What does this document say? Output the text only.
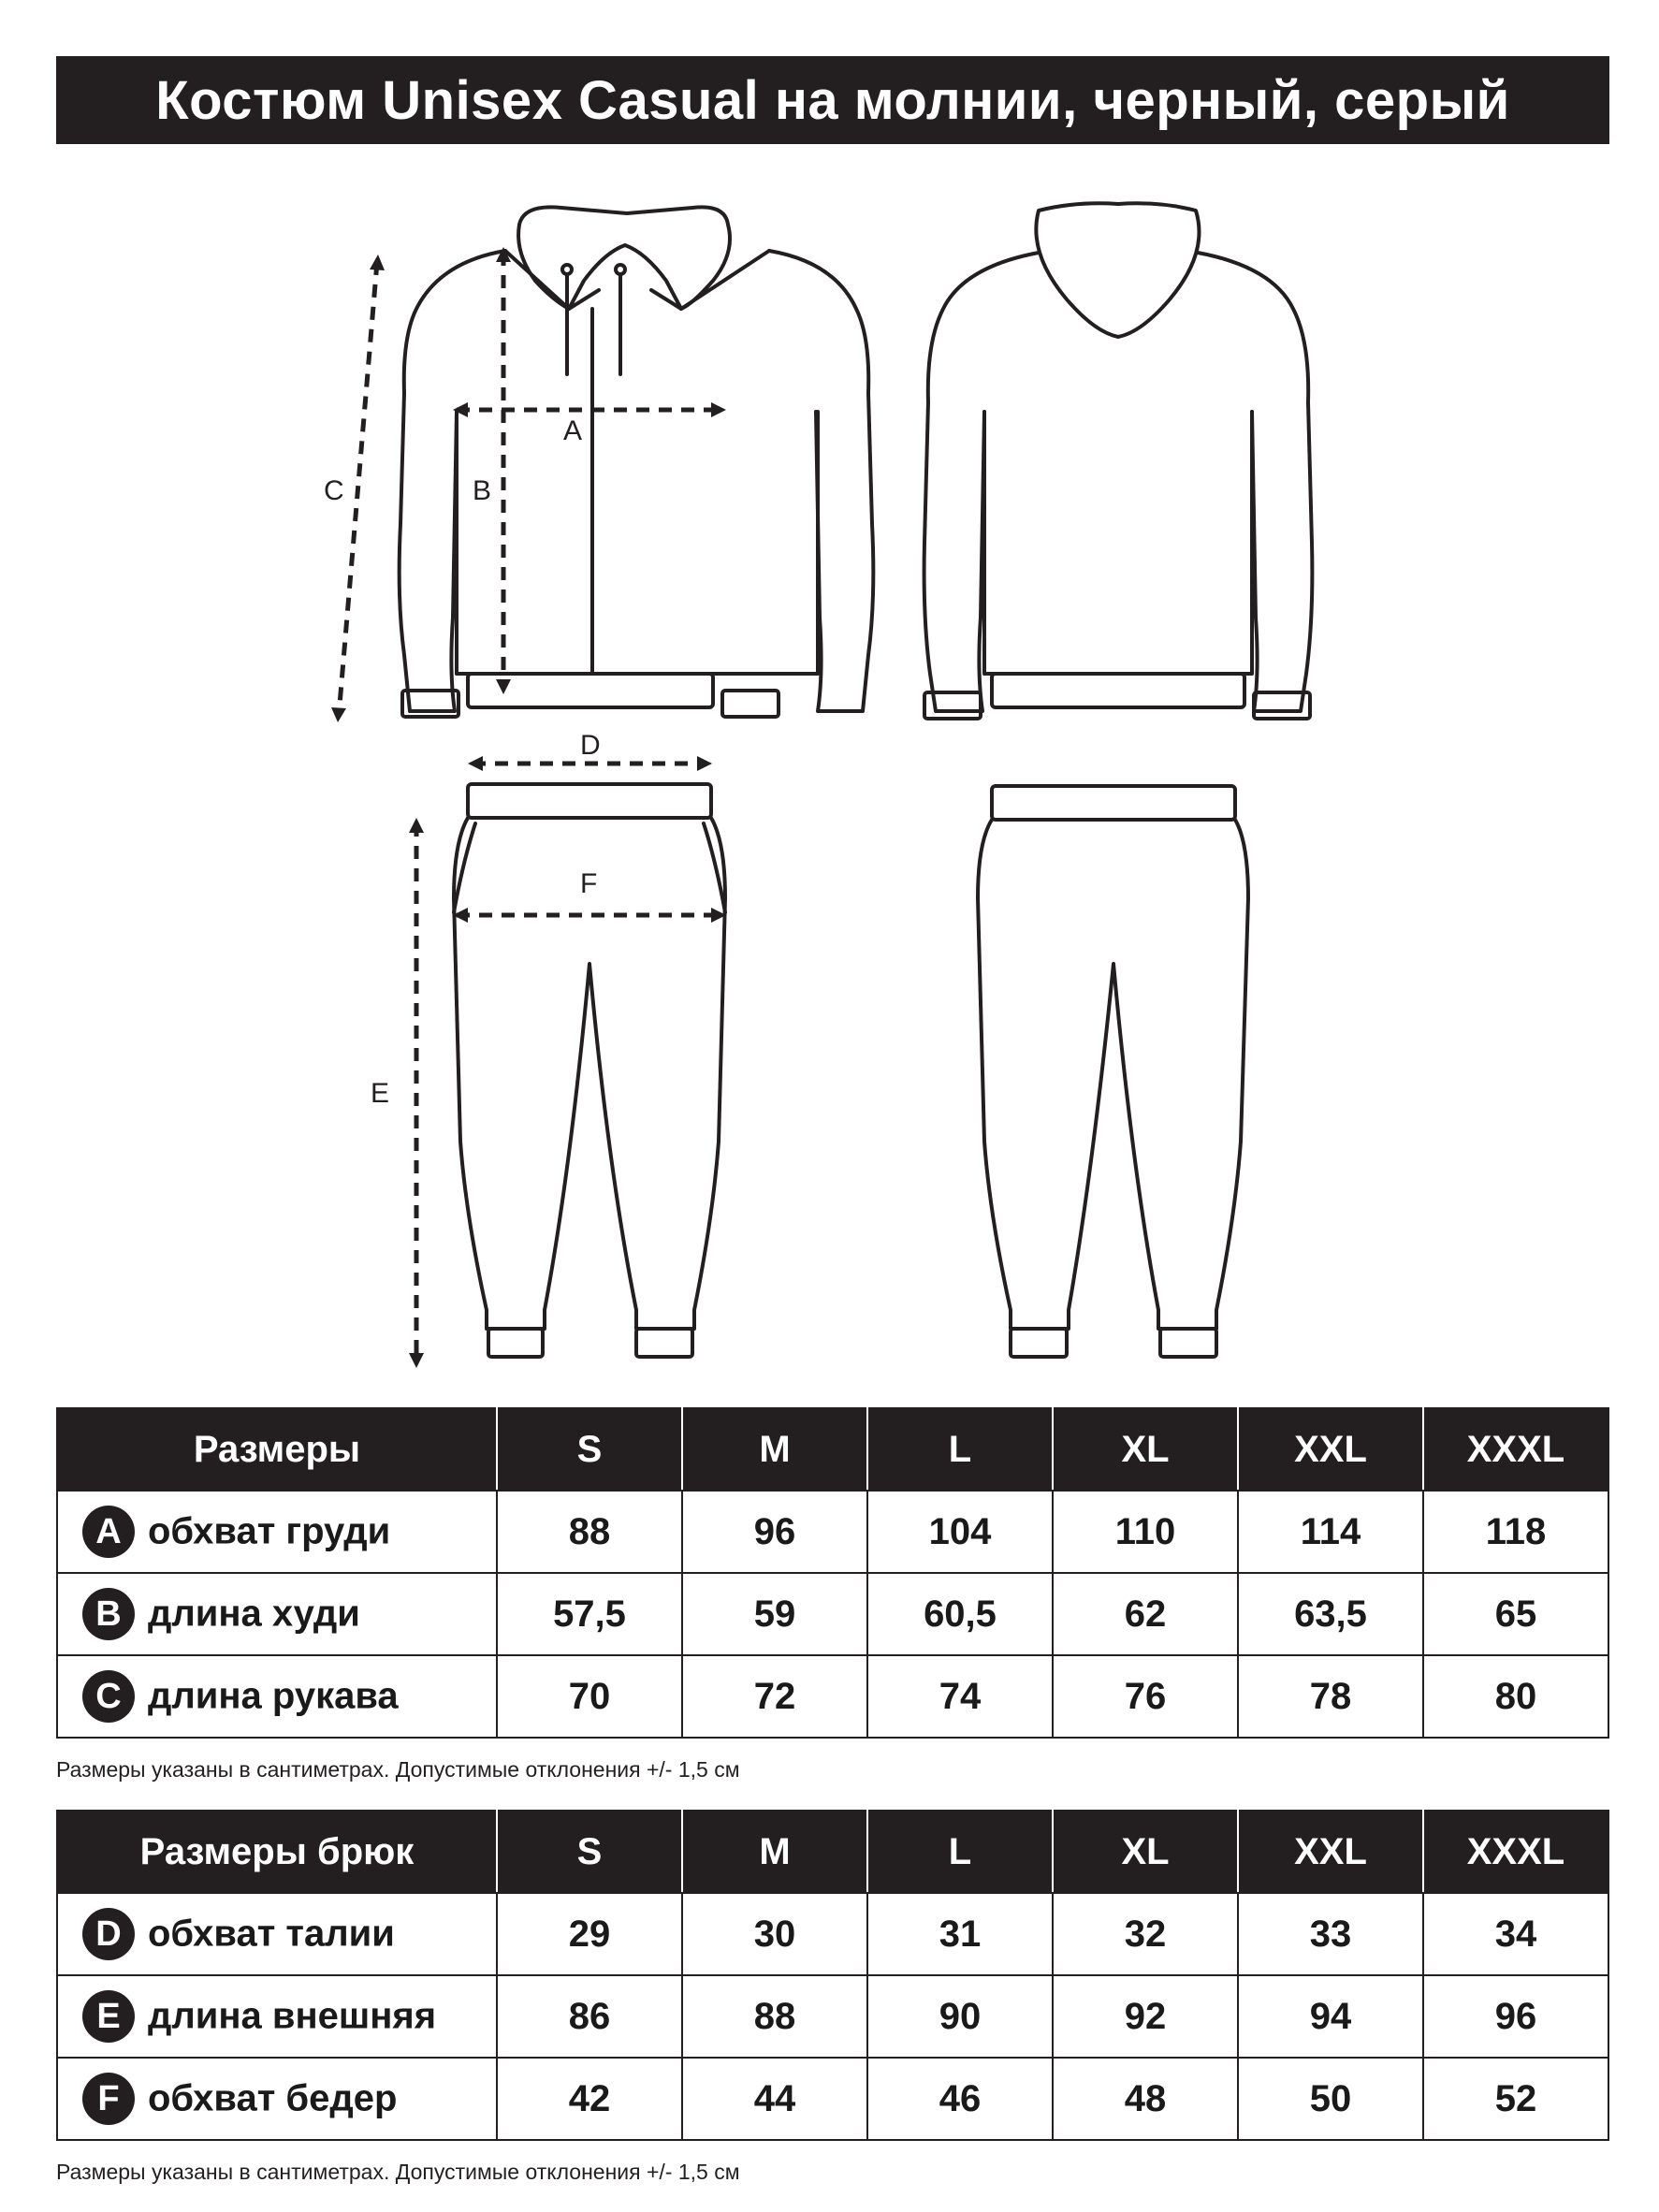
Костюм Unisex Casual на молнии, черный, серый
A
B
C
D
E
F
Размеры	S	M	L	XL	XXL	XXXL
A обхват груди	88	96	104	110	114	118
B длина худи	57,5	59	60,5	62	63,5	65
C длина рукава	70	72	74	76	78	80
Размеры указаны в сантиметрах. Допустимые отклонения +/- 1,5 см
Размеры брюк	S	M	L	XL	XXL	XXXL
D обхват талии	29	30	31	32	33	34
E длина внешняя	86	88	90	92	94	96
F обхват бедер	42	44	46	48	50	52
Размеры указаны в сантиметрах. Допустимые отклонения +/- 1,5 см
